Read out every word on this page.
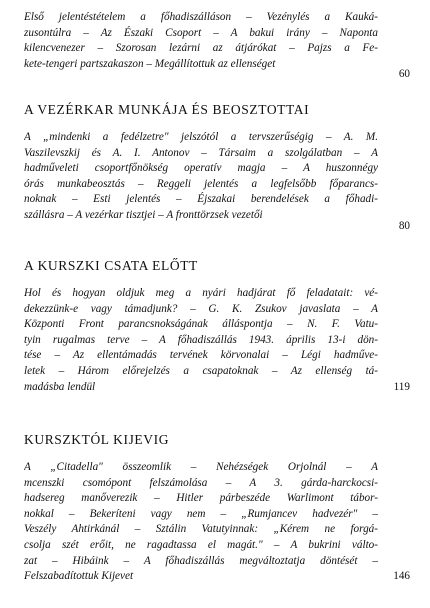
Első jelentéstételem a főhadiszálláson – Vezénylés a Kauká-
zusontúlra – Az Északi Csoport – A bakui irány – Naponta
kilencvenezer – Szorosan lezárni az átjárókat – Pajzs a Fe-
kete-tengeri partszakaszon – Megállítottuk az ellenséget
60
A VEZÉRKAR MUNKÁJA ÉS BEOSZTOTTAI
A „mindenki a fedélzetre" jelszótól a tervszerűségig – A. M.
Vaszilevszkij és A. I. Antonov – Társaim a szolgálatban – A
hadműveleti csoportfőnökség operatív magja – A huszonnégy
órás munkabeosztás – Reggeli jelentés a legfelsőbb főparancs-
noknak – Esti jelentés – Éjszakai berendelések a főhadi-
szállásra – A vezérkar tisztjei – A fronttörzsek vezetői
80
A KURSZKI CSATA ELŐTT
Hol és hogyan oldjuk meg a nyári hadjárat fő feladatait: vé-
dekezzünk-e vagy támadjunk? – G. K. Zsukov javaslata – A
Központi Front parancsnokságának álláspontja – N. F. Vatu-
tyin rugalmas terve – A főhadiszállás 1943. április 13-i dön-
tése – Az ellentámadás tervének körvonalai – Légi hadműve-
letek – Három előrejelzés a csapatoknak – Az ellenség tá-
madásba lendül	119
KURSZKTÓL KIJEVIG
A „Citadella" összeomlik – Nehézségek Orjolnál – A
mcenszki csomópont felszámolása – A 3. gárda-harckocsi-
hadsereg manőverezik – Hitler párbeszéde Warlimont tábor-
nokkal – Bekeríteni vagy nem – „Rumjancev hadvezér" –
Veszély Ahtirkánál – Sztálin Vatutyinnak: „Kérem ne forgá-
csolja szét erőit, ne ragadtassa el magát." – A bukrini válto-
zat – Hibáink – A főhadiszállás megváltoztatja döntését –
Felszabadítottuk Kijevet	146
